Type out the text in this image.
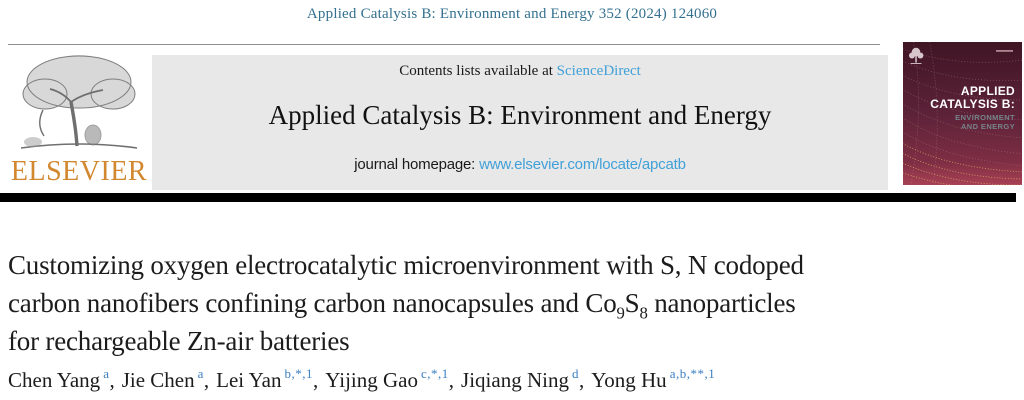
Applied Catalysis B: Environment and Energy 352 (2024) 124060
ELSEVIER
Contents lists available at ScienceDirect
Applied Catalysis B: Environment and Energy
journal homepage: www.elsevier.com/locate/apcatb
APPLIED
CATALYSIS B:
ENVIRONMENT
AND ENERGY
Customizing oxygen electrocatalytic microenvironment with S, N codoped
carbon nanofibers confining carbon nanocapsules and $Co_9S_8$ nanoparticles
for rechargeable Zn-air batteries
Chen Yang $^a$, Jie Chen $^a$, Lei Yan $^{b,*,1}$, Yijing Gao $^{c,*,1}$, Jiqiang Ning $^d$, Yong Hu $^{a,b,**,1}$
